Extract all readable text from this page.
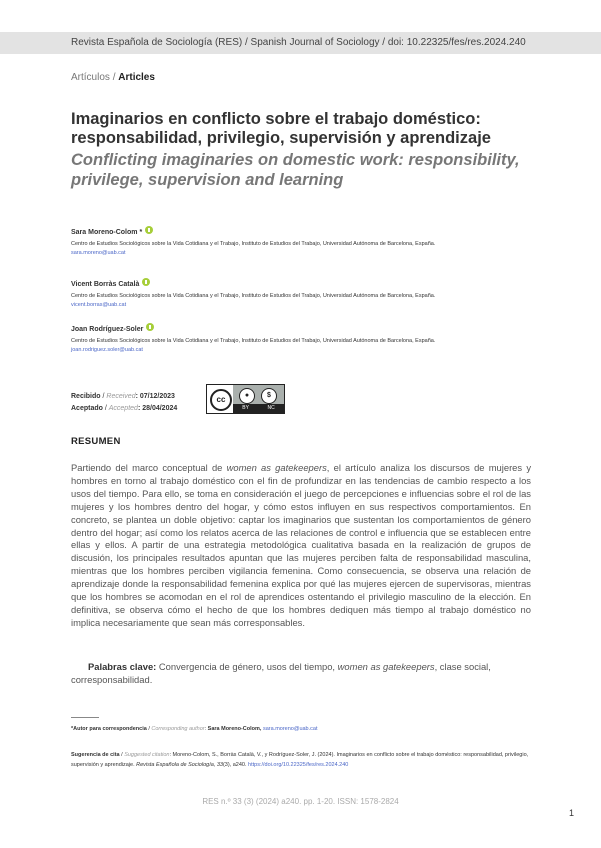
Revista Española de Sociología (RES) / Spanish Journal of Sociology / doi: 10.22325/fes/res.2024.240
Artículos / Articles
Imaginarios en conflicto sobre el trabajo doméstico: responsabilidad, privilegio, supervisión y aprendizaje
Conflicting imaginaries on domestic work: responsibility, privilege, supervision and learning
Sara Moreno-Colom *
Centro de Estudios Sociológicos sobre la Vida Cotidiana y el Trabajo, Instituto de Estudios del Trabajo, Universidad Autónoma de Barcelona, España.
sara.moreno@uab.cat
Vicent Borràs Català
Centro de Estudios Sociológicos sobre la Vida Cotidiana y el Trabajo, Instituto de Estudios del Trabajo, Universidad Autónoma de Barcelona, España.
vicent.borras@uab.cat
Joan Rodríguez-Soler
Centro de Estudios Sociológicos sobre la Vida Cotidiana y el Trabajo, Instituto de Estudios del Trabajo, Universidad Autónoma de Barcelona, España.
joan.rodriguez.soler@uab.cat
Recibido / Received: 07/12/2023
Aceptado / Accepted: 28/04/2024
cc	●	$
BY	NC
RESUMEN

Partiendo del marco conceptual de women as gatekeepers, el artículo analiza los discursos de mujeres y hombres en torno al trabajo doméstico con el fin de profundizar en las tendencias de cambio respecto a los usos del tiempo. Para ello, se toma en consideración el juego de percepciones e influencias sobre el rol de las mujeres y los hombres dentro del hogar, y cómo estos influyen en sus respectivos comportamientos. En concreto, se plantea un doble objetivo: captar los imaginarios que sustentan los comportamientos de género dentro del hogar; así como los relatos acerca de las relaciones de control e influencia que se establecen entre ellas y ellos. A partir de una estrategia metodológica cualitativa basada en la realización de grupos de discusión, los principales resultados apuntan que las mujeres perciben falta de responsabilidad masculina, mientras que los hombres perciben vigilancia femenina. Como consecuencia, se observa una relación de aprendizaje donde la responsabilidad femenina explica por qué las mujeres ejercen de supervisoras, mientras que los hombres se acomodan en el rol de aprendices ostentando el privilegio masculino de la elección. En definitiva, se observa cómo el hecho de que los hombres dediquen más tiempo al trabajo doméstico no implica necesariamente que sean más corresponsables.

Palabras clave: Convergencia de género, usos del tiempo, women as gatekeepers, clase social, corresponsabilidad.

*Autor para correspondencia / Corresponding author: Sara Moreno-Colom, sara.moreno@uab.cat

Sugerencia de cita / Suggested citation: Moreno-Colom, S., Borràs Català, V., y Rodríguez-Soler, J. (2024). Imaginarios en conflicto sobre el trabajo doméstico: responsabilidad, privilegio, supervisión y aprendizaje. Revista Española de Sociología, 33(3), a240. https://doi.org/10.22325/fes/res.2024.240

RES n.º 33 (3) (2024) a240. pp. 1-20. ISSN: 1578-2824
1
